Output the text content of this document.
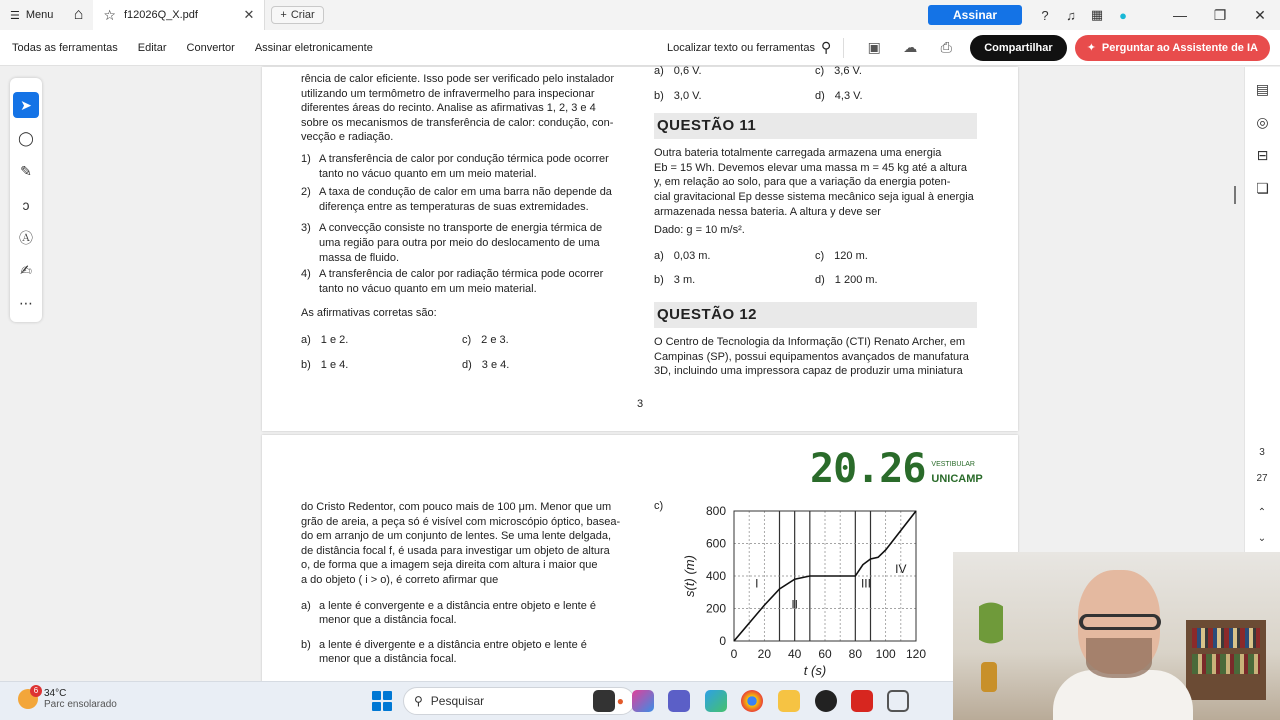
☰ Menu	⌂	☆ f12026Q_X.pdf	✕ + Criar	Assinar	?	♫	▦	●	—	❐	✕
Todas as ferramentas	Editar	Convertor	Assinar eletronicamente	Localizar texto ou ferramentas ⚲	▣	☁	⎙	Compartilhar	✦ Perguntar ao Assistente de IA
➤
◯
✎
ↄ
Ⓐ
✍
⋯
▤
◎
⊟
❏
3
27
⌃
⌄
rência de calor eficiente. Isso pode ser verificado pelo instalador
utilizando um termômetro de infravermelho para inspecionar
diferentes áreas do recinto. Analise as afirmativas 1, 2, 3 e 4
sobre os mecanismos de transferência de calor: condução, con-
vecção e radiação.
1) A transferência de calor por condução térmica pode ocorrer
tanto no vácuo quanto em um meio material.
2) A taxa de condução de calor em uma barra não depende da
diferença entre as temperaturas de suas extremidades.
3) A convecção consiste no transporte de energia térmica de
uma região para outra por meio do deslocamento de uma
massa de fluido.
4) A transferência de calor por radiação térmica pode ocorrer
tanto no vácuo quanto em um meio material.
As afirmativas corretas são:
a) 1 e 2.	c) 2 e 3.
b) 1 e 4.	d) 3 e 4.
a) 0,6 V.	c) 3,6 V.
b) 3,0 V.	d) 4,3 V.
QUESTÃO 11
Outra bateria totalmente carregada armazena uma energia
Eb = 15 Wh. Devemos elevar uma massa m = 45 kg até a altura
y, em relação ao solo, para que a variação da energia poten-
cial gravitacional Ep desse sistema mecânico seja igual à energia
armazenada nessa bateria. A altura y deve ser
Dado: g = 10 m/s².
a) 0,03 m.	c) 120 m.
b) 3 m.	d) 1 200 m.
QUESTÃO 12
O Centro de Tecnologia da Informação (CTI) Renato Archer, em
Campinas (SP), possui equipamentos avançados de manufatura
3D, incluindo uma impressora capaz de produzir uma miniatura
3
20.26 VESTIBULAR
UNICAMP
do Cristo Redentor, com pouco mais de 100 μm. Menor que um
grão de areia, a peça só é visível com microscópio óptico, basea-
do em arranjo de um conjunto de lentes. Se uma lente delgada,
de distância focal f, é usada para investigar um objeto de altura
o, de forma que a imagem seja direita com altura i maior que
a do objeto ( i > o), é correto afirmar que
a) a lente é convergente e a distância entre objeto e lente é
menor que a distância focal.
b) a lente é divergente e a distância entre objeto e lente é
menor que a distância focal.
c)
0 20 40 60 80 100 120
0
200
400
600
800
t (s)
s(t) (m)	I
II
III
IV
6 34°C
Parc ensolarado	⚲ Pesquisar	●
